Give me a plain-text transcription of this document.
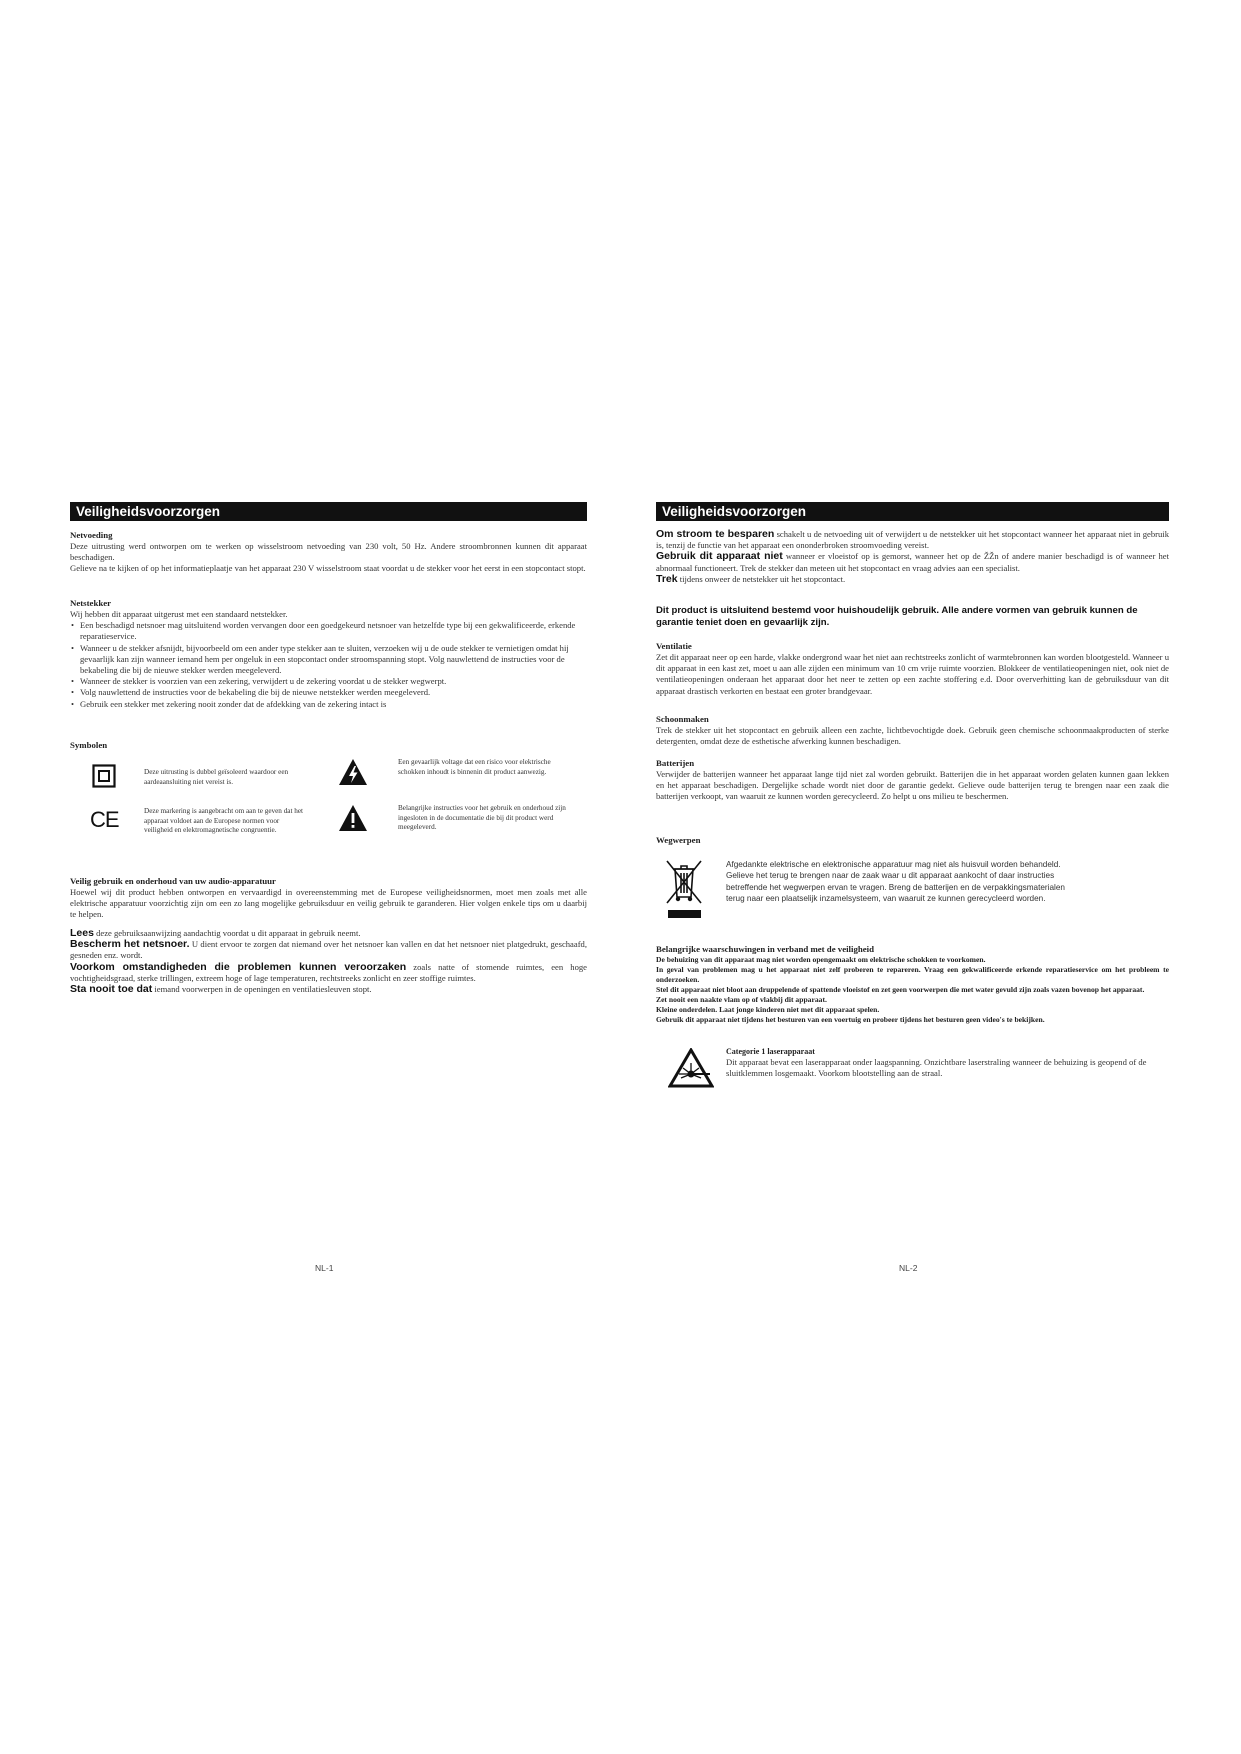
Veiligheidsvoorzorgen

Netvoeding

Deze uitrusting werd ontworpen om te werken op wisselstroom netvoeding van 230 volt, 50 Hz. Andere stroombronnen kunnen dit apparaat beschadigen.

Gelieve na te kijken of op het informatieplaatje van het apparaat 230 V wisselstroom staat voordat u de stekker voor het eerst in een stopcontact stopt.

Netstekker

Wij hebben dit apparaat uitgerust met een standaard netstekker.

• Een beschadigd netsnoer mag uitsluitend worden vervangen door een goedgekeurd netsnoer van hetzelfde type bij een gekwalificeerde, erkende reparatieservice.
• Wanneer u de stekker afsnijdt, bijvoorbeeld om een ander type stekker aan te sluiten, verzoeken wij u de oude stekker te vernietigen omdat hij gevaarlijk kan zijn wanneer iemand hem per ongeluk in een stopcontact onder stroomspanning stopt. Volg nauwlettend de instructies voor de bekabeling die bij de nieuwe stekker werden meegeleverd.
• Wanneer de stekker is voorzien van een zekering, verwijdert u de zekering voordat u de stekker wegwerpt.
• Volg nauwlettend de instructies voor de bekabeling die bij de nieuwe netstekker werden meegeleverd.
• Gebruik een stekker met zekering nooit zonder dat de afdekking van de zekering intact is

Symbolen

Deze uitrusting is dubbel geïsoleerd waardoor een aardeaansluiting niet vereist is.
Een gevaarlijk voltage dat een risico voor elektrische schokken inhoudt is binnenin dit product aanwezig.
CE	Deze markering is aangebracht om aan te geven dat het apparaat voldoet aan de Europese normen voor veiligheid en elektromagnetische congruentie.
Belangrijke instructies voor het gebruik en onderhoud zijn ingesloten in de documentatie die bij dit product werd meegeleverd.

Veilig gebruik en onderhoud van uw audio-apparatuur

Hoewel wij dit product hebben ontworpen en vervaardigd in overeenstemming met de Europese veiligheidsnormen, moet men zoals met alle elektrische apparatuur voorzichtig zijn om een zo lang mogelijke gebruiksduur en veilig gebruik te garanderen. Hier volgen enkele tips om u daarbij te helpen.

Lees deze gebruiksaanwijzing aandachtig voordat u dit apparaat in gebruik neemt.

Bescherm het netsnoer. U dient ervoor te zorgen dat niemand over het netsnoer kan vallen en dat het netsnoer niet platgedrukt, geschaafd, gesneden enz. wordt.

Voorkom omstandigheden die problemen kunnen veroorzaken zoals natte of stomende ruimtes, een hoge vochtigheidsgraad, sterke trillingen, extreem hoge of lage temperaturen, rechtstreeks zonlicht en zeer stoffige ruimtes.

Sta nooit toe dat iemand voorwerpen in de openingen en ventilatiesleuven stopt.

NL-1
Veiligheidsvoorzorgen

Om stroom te besparen schakelt u de netvoeding uit of verwijdert u de netstekker uit het stopcontact wanneer het apparaat niet in gebruik is, tenzij de functie van het apparaat een ononderbroken stroomvoeding vereist.

Gebruik dit apparaat niet wanneer er vloeistof op is gemorst, wanneer het op de ŽŽn of andere manier beschadigd is of wanneer het abnormaal functioneert. Trek de stekker dan meteen uit het stopcontact en vraag advies aan een specialist.

Trek tijdens onweer de netstekker uit het stopcontact.

Dit product is uitsluitend bestemd voor huishoudelijk gebruik. Alle andere vormen van gebruik kunnen de garantie teniet doen en gevaarlijk zijn.

Ventilatie

Zet dit apparaat neer op een harde, vlakke ondergrond waar het niet aan rechtstreeks zonlicht of warmtebronnen kan worden blootgesteld. Wanneer u dit apparaat in een kast zet, moet u aan alle zijden een minimum van 10 cm vrije ruimte voorzien. Blokkeer de ventilatieopeningen niet, ook niet de ventilatieopeningen onderaan het apparaat door het neer te zetten op een zachte stoffering e.d. Door oververhitting kan de gebruiksduur van dit apparaat drastisch verkorten en bestaat een groter brandgevaar.

Schoonmaken

Trek de stekker uit het stopcontact en gebruik alleen een zachte, lichtbevochtigde doek. Gebruik geen chemische schoonmaakproducten of sterke detergenten, omdat deze de esthetische afwerking kunnen beschadigen.

Batterijen

Verwijder de batterijen wanneer het apparaat lange tijd niet zal worden gebruikt. Batterijen die in het apparaat worden gelaten kunnen gaan lekken en het apparaat beschadigen. Dergelijke schade wordt niet door de garantie gedekt. Gelieve oude batterijen terug te brengen naar een zaak die batterijen verkoopt, van waaruit ze kunnen worden gerecycleerd. Zo helpt u ons milieu te beschermen.

Wegwerpen

Afgedankte elektrische en elektronische apparatuur mag niet als huisvuil worden behandeld.
Gelieve het terug te brengen naar de zaak waar u dit apparaat aankocht of daar instructies
betreffende het wegwerpen ervan te vragen. Breng de batterijen en de verpakkingsmaterialen
terug naar een plaatselijk inzamelsysteem, van waaruit ze kunnen gerecycleerd worden.

Belangrijke waarschuwingen in verband met de veiligheid

De behuizing van dit apparaat mag niet worden opengemaakt om elektrische schokken te voorkomen.

In geval van problemen mag u het apparaat niet zelf proberen te repareren. Vraag een gekwalificeerde erkende reparatieservice om het probleem te onderzoeken.

Stel dit apparaat niet bloot aan druppelende of spattende vloeistof en zet geen voorwerpen die met water gevuld zijn zoals vazen bovenop het apparaat.

Zet nooit een naakte vlam op of vlakbij dit apparaat.

Kleine onderdelen. Laat jonge kinderen niet met dit apparaat spelen.

Gebruik dit apparaat niet tijdens het besturen van een voertuig en probeer tijdens het besturen geen video's te bekijken.

Categorie 1 laserapparaat

Dit apparaat bevat een laserapparaat onder laagspanning. Onzichtbare laserstraling wanneer de behuizing is geopend of de sluitklemmen losgemaakt. Voorkom blootstelling aan de straal.

NL-2
